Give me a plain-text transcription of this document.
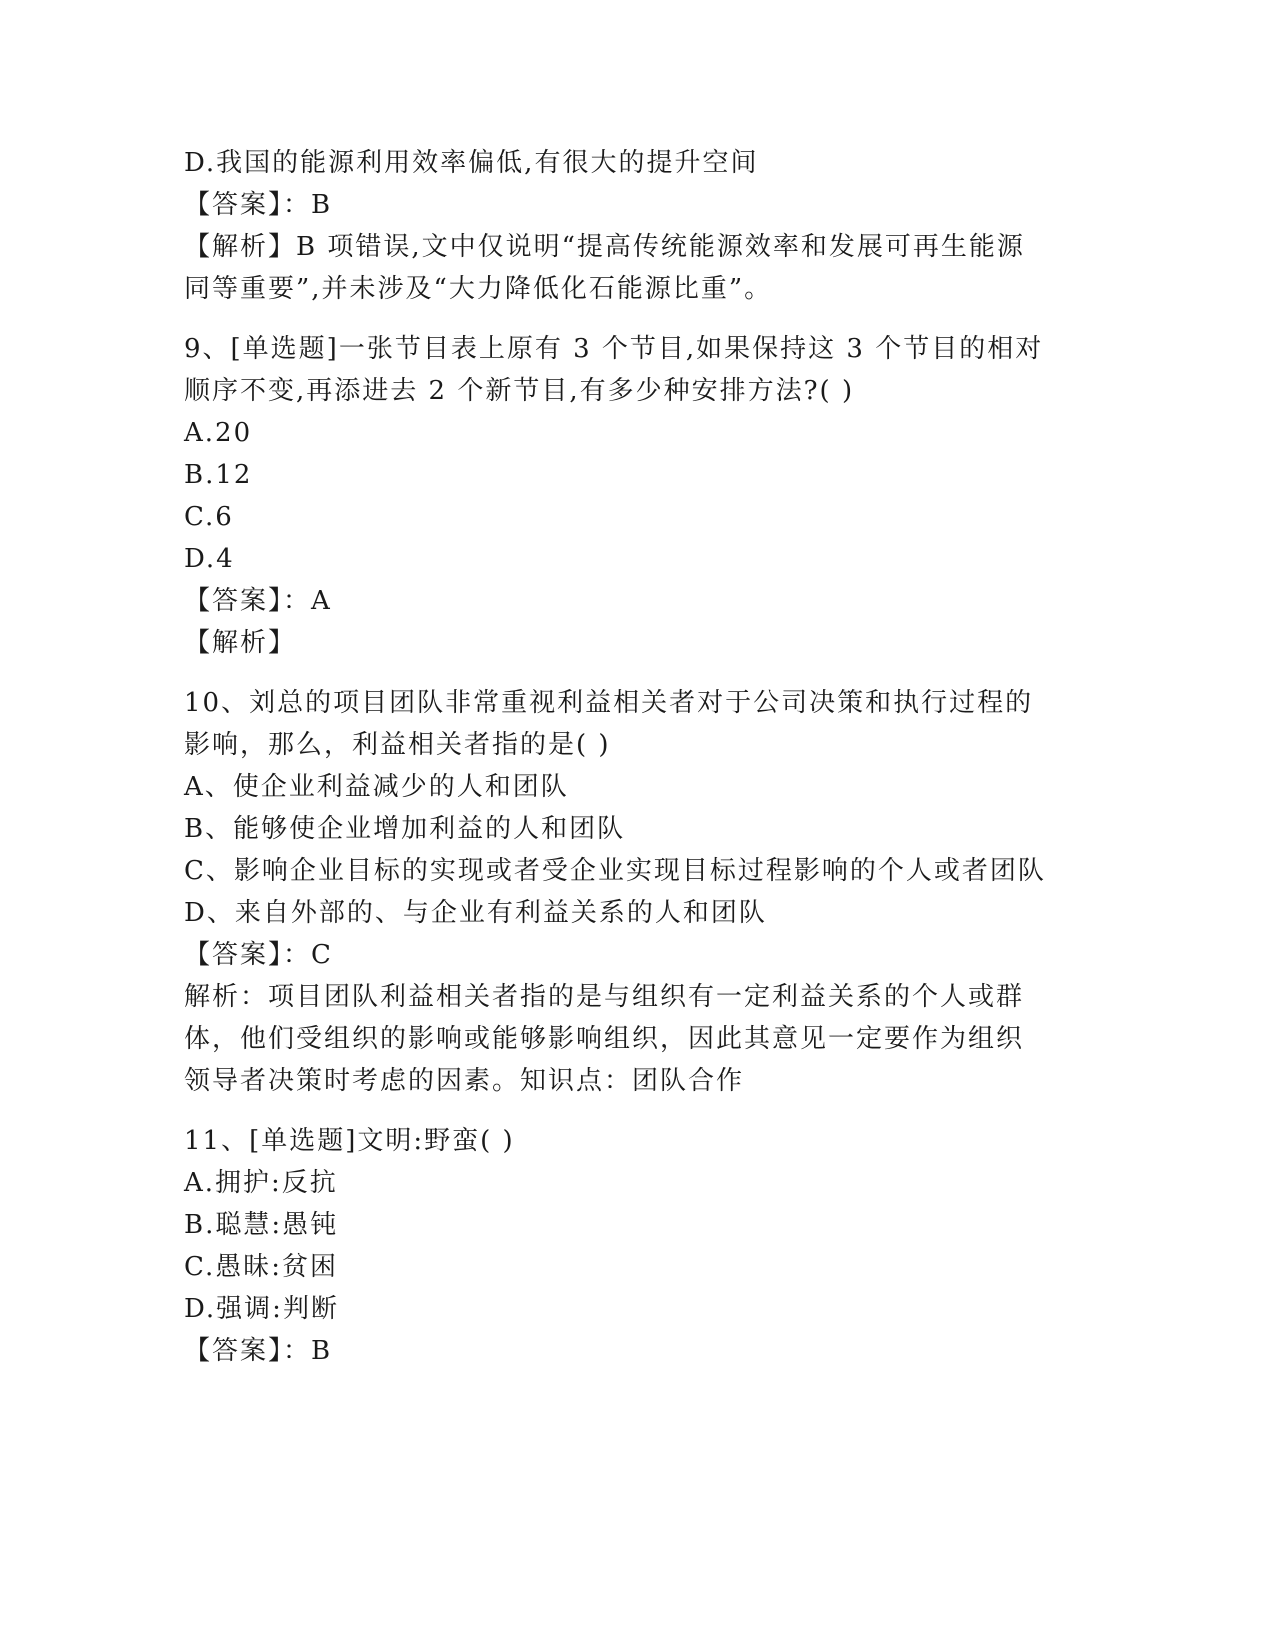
D.我国的能源利用效率偏低,有很大的提升空间
【答案】：B
【解析】B 项错误,文中仅说明“提高传统能源效率和发展可再生能源
同等重要”,并未涉及“大力降低化石能源比重”。
9、[单选题]一张节目表上原有 3 个节目,如果保持这 3 个节目的相对
顺序不变,再添进去 2 个新节目,有多少种安排方法?( )
A.20
B.12
C.6
D.4
【答案】：A
【解析】
10、刘总的项目团队非常重视利益相关者对于公司决策和执行过程的
影响，那么，利益相关者指的是( )
A、使企业利益减少的人和团队
B、能够使企业增加利益的人和团队
C、影响企业目标的实现或者受企业实现目标过程影响的个人或者团队
D、来自外部的、与企业有利益关系的人和团队
【答案】：C
解析：项目团队利益相关者指的是与组织有一定利益关系的个人或群
体，他们受组织的影响或能够影响组织，因此其意见一定要作为组织
领导者决策时考虑的因素。知识点：团队合作
11、[单选题]文明:野蛮( )
A.拥护:反抗
B.聪慧:愚钝
C.愚昧:贫困
D.强调:判断
【答案】：B
